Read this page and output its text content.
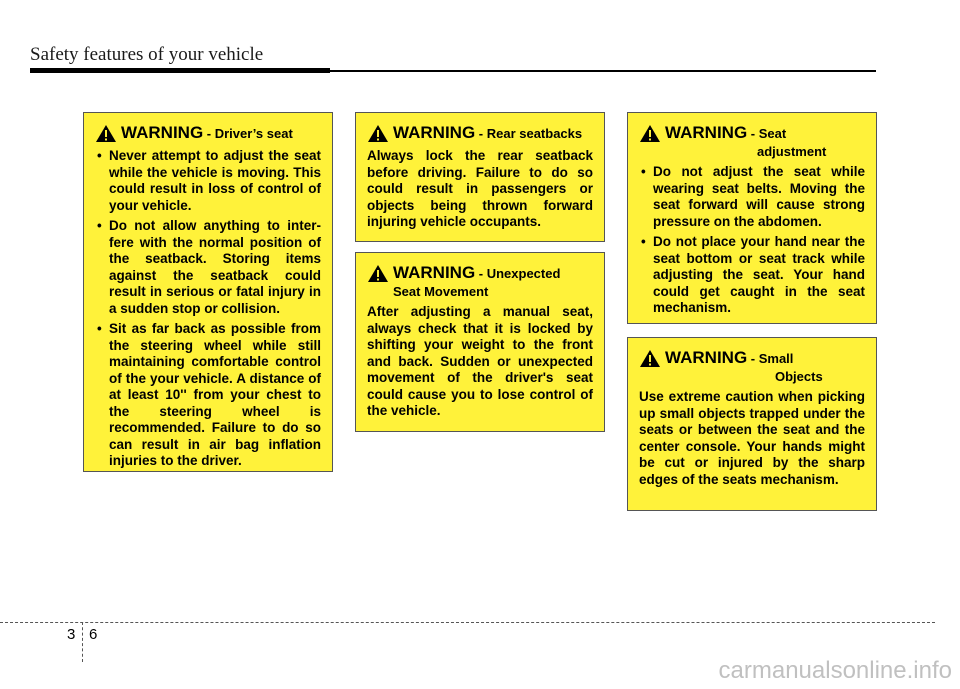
Safety features of your vehicle
WARNING - Driver’s seat
• Never attempt to adjust the seat while the vehicle is moving. This could result in loss of control of your vehicle.
• Do not allow anything to interfere with the normal position of the seatback. Storing items against the seatback could result in serious or fatal injury in a sudden stop or collision.
• Sit as far back as possible from the steering wheel while still maintaining comfortable control of the your vehicle. A distance of at least 10'' from your chest to the steering wheel is recommended. Failure to do so can result in air bag inflation injuries to the driver.
WARNING - Rear seatbacks

Always lock the rear seatback before driving. Failure to do so could result in passengers or objects being thrown forward injuring vehicle occupants.

WARNING - Unexpected
Seat Movement

After adjusting a manual seat, always check that it is locked by shifting your weight to the front and back. Sudden or unexpected movement of the driver's seat could cause you to lose control of the vehicle.

WARNING - Seat
adjustment
• Do not adjust the seat while wearing seat belts. Moving the seat forward will cause strong pressure on the abdomen.
• Do not place your hand near the seat bottom or seat track while adjusting the seat. Your hand could get caught in the seat mechanism.
WARNING - Small
Objects

Use extreme caution when picking up small objects trapped under the seats or between the seat and the center console. Your hands might be cut or injured by the sharp edges of the seats mechanism.

3 6
carmanualsonline.info
